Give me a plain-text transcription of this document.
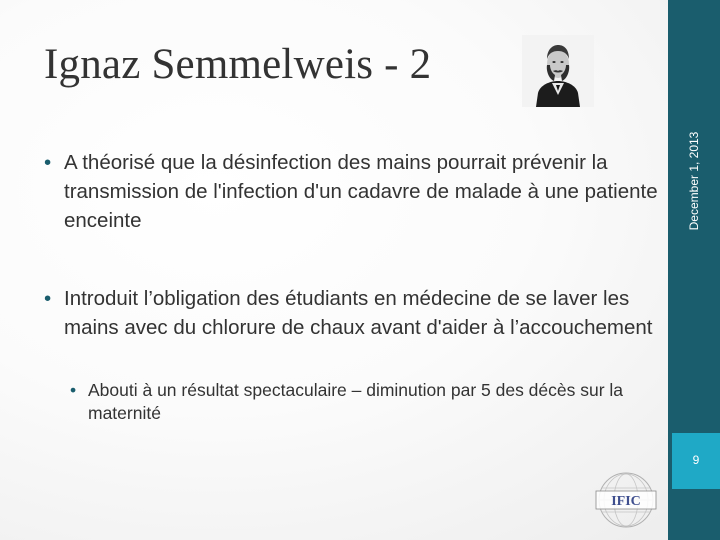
Ignaz Semmelweis - 2
December 1, 2013
9
• A théorisé que la désinfection des mains pourrait prévenir la transmission de l'infection d'un cadavre de malade à une patiente enceinte
• Introduit l’obligation des étudiants en médecine de se laver les mains avec du chlorure de chaux avant d'aider à l’accouchement
• Abouti à un résultat spectaculaire – diminution par 5 des décès sur la maternité
IFIC
